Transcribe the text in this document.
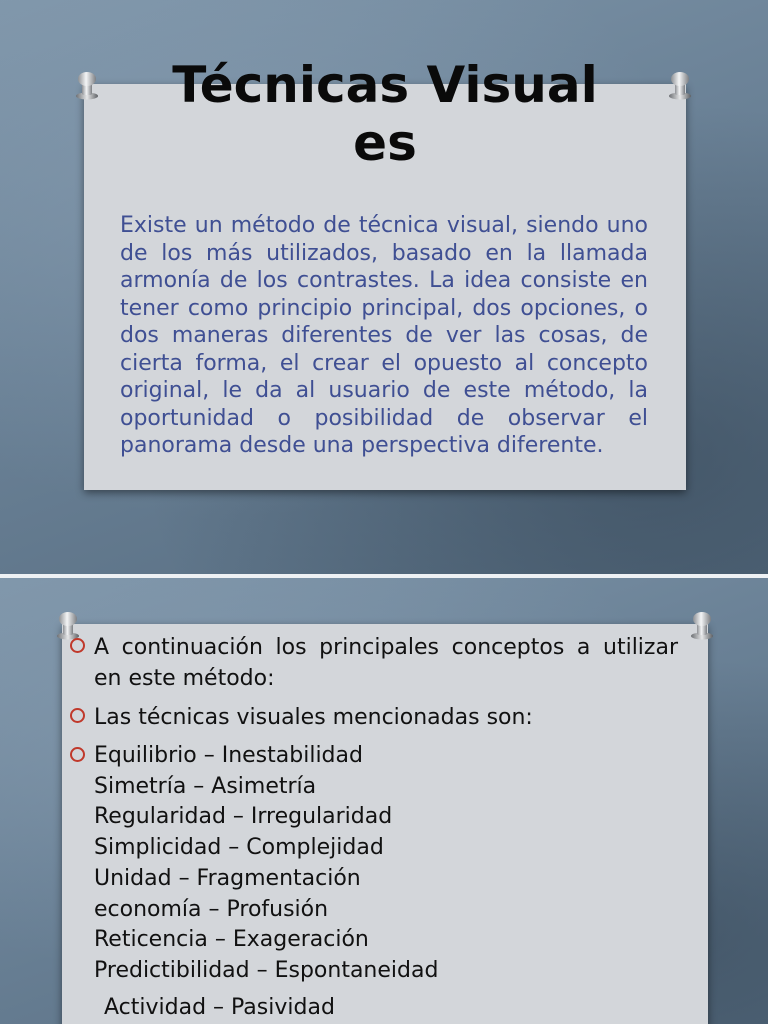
Técnicas Visual
es

Existe un método de técnica visual, siendo uno de los más utilizados, basado en la llamada armonía de los contrastes. La idea consiste en tener como principio principal, dos opciones, o dos maneras diferentes de ver las cosas, de cierta forma, el crear el opuesto al concepto original, le da al usuario de este método, la oportunidad o posibilidad de observar el panorama desde una perspectiva diferente.

A continuación los principales conceptos a utilizar en este método:
Las técnicas visuales mencionadas son:
Equilibrio – Inestabilidad
Simetría – Asimetría
Regularidad – Irregularidad
Simplicidad – Complejidad
Unidad – Fragmentación
economía – Profusión
Reticencia – Exageración
Predictibilidad – Espontaneidad
Actividad – Pasividad
